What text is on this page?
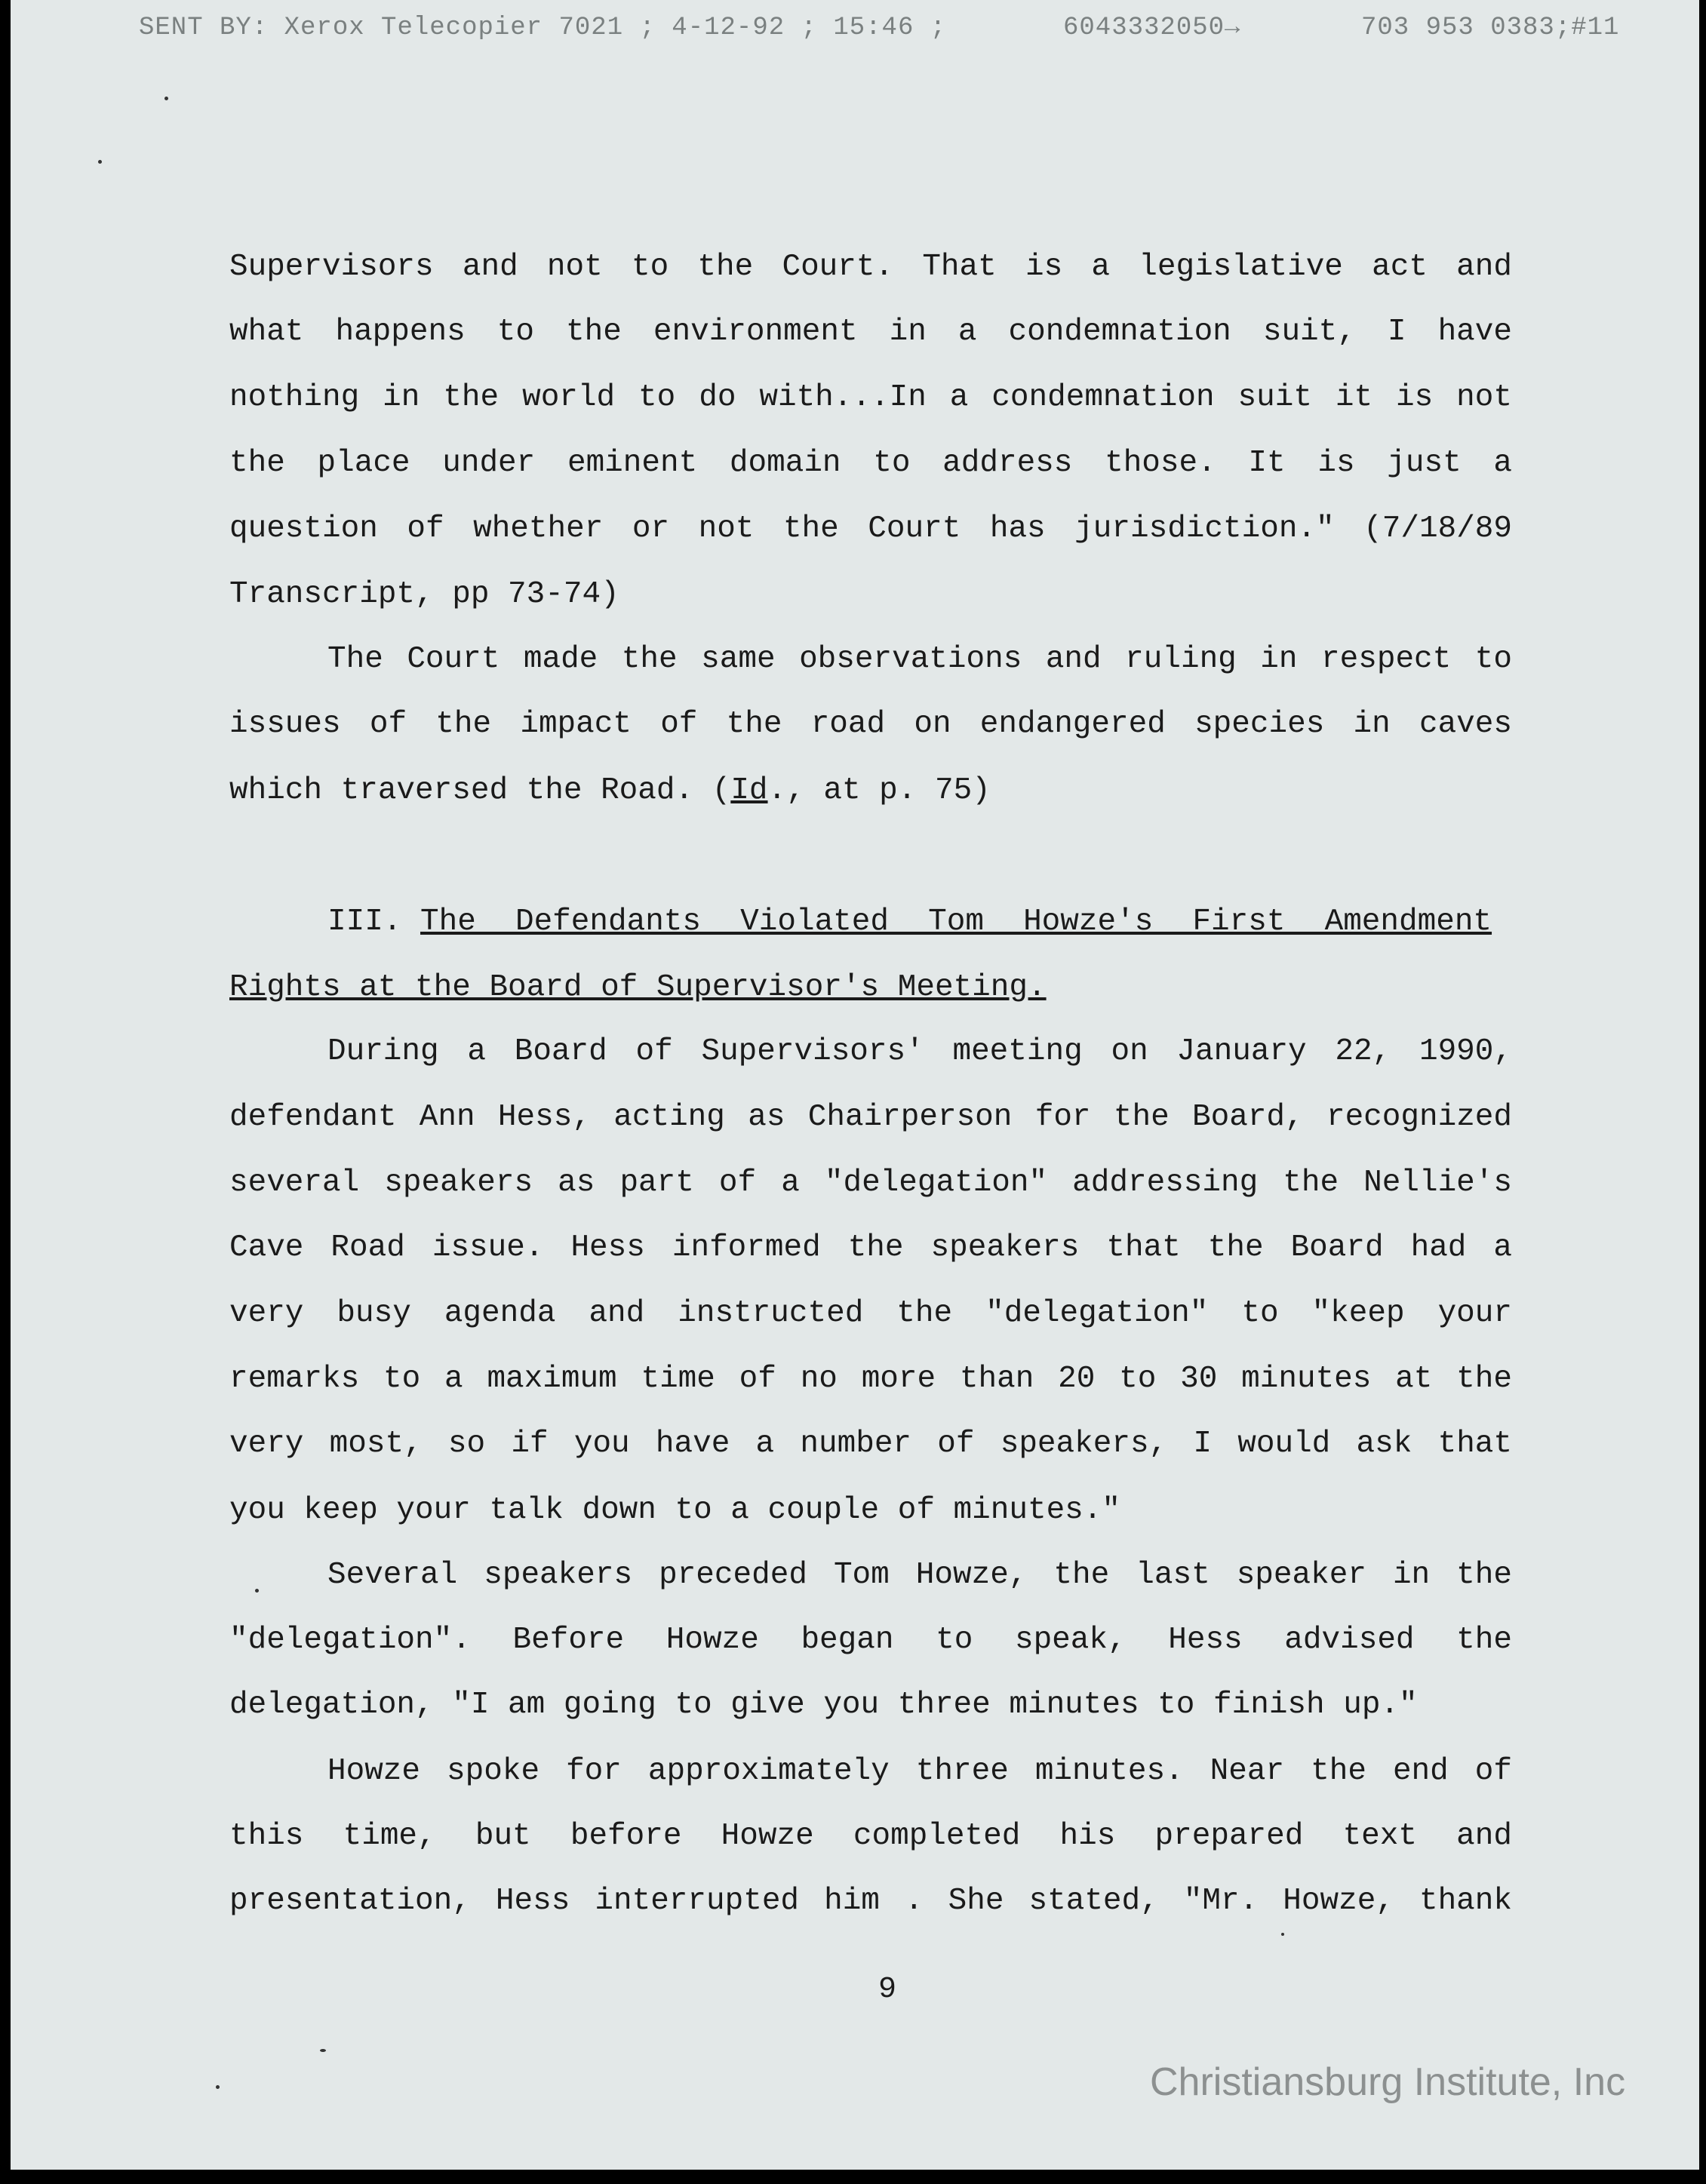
SENT BY: Xerox Telecopier 7021 ; 4-12-92 ; 15:46 ;	6043332050→	703 953 0383;#11
Supervisors and not to the Court. That is a legislative act and
what happens to the environment in a condemnation suit, I have
nothing in the world to do with...In a condemnation suit it is not
the place under eminent domain to address those. It is just a
question of whether or not the Court has jurisdiction." (7/18/89
Transcript, pp 73-74)
The Court made the same observations and ruling in respect to
issues of the impact of the road on endangered species in caves
which traversed the Road. (Id., at p. 75)
III. The Defendants Violated Tom Howze's First Amendment
Rights at the Board of Supervisor's Meeting.
During a Board of Supervisors' meeting on January 22, 1990,
defendant Ann Hess, acting as Chairperson for the Board, recognized
several speakers as part of a "delegation" addressing the Nellie's
Cave Road issue. Hess informed the speakers that the Board had a
very busy agenda and instructed the "delegation" to "keep your
remarks to a maximum time of no more than 20 to 30 minutes at the
very most, so if you have a number of speakers, I would ask that
you keep your talk down to a couple of minutes."
Several speakers preceded Tom Howze, the last speaker in the
"delegation". Before Howze began to speak, Hess advised the
delegation, "I am going to give you three minutes to finish up."
Howze spoke for approximately three minutes. Near the end of
this time, but before Howze completed his prepared text and
presentation, Hess interrupted him . She stated, "Mr. Howze, thank
9
Christiansburg Institute, Inc
